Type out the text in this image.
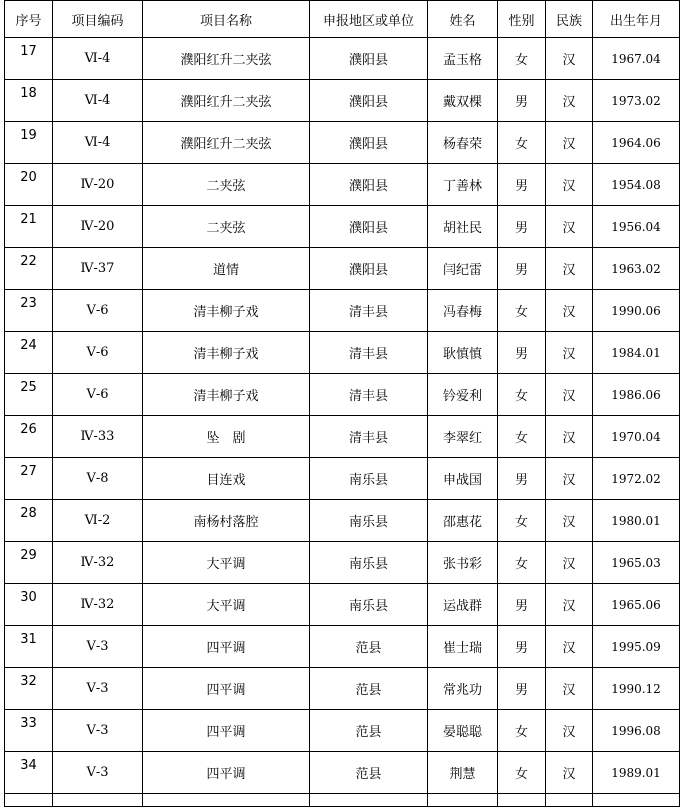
序号	项目编码	项目名称	申报地区或单位	姓名	性别	民族	出生年月
17	Ⅵ-4	濮阳红升二夹弦	濮阳县	孟玉格	女	汉	1967.04
18	Ⅵ-4	濮阳红升二夹弦	濮阳县	戴双棵	男	汉	1973.02
19	Ⅵ-4	濮阳红升二夹弦	濮阳县	杨春荣	女	汉	1964.06
20	Ⅳ-20	二夹弦	濮阳县	丁善林	男	汉	1954.08
21	Ⅳ-20	二夹弦	濮阳县	胡社民	男	汉	1956.04
22	Ⅳ-37	道情	濮阳县	闫纪雷	男	汉	1963.02
23	Ⅴ-6	清丰柳子戏	清丰县	冯春梅	女	汉	1990.06
24	Ⅴ-6	清丰柳子戏	清丰县	耿慎慎	男	汉	1984.01
25	Ⅴ-6	清丰柳子戏	清丰县	钤爱利	女	汉	1986.06
26	Ⅳ-33	坠　剧	清丰县	李翠红	女	汉	1970.04
27	Ⅴ-8	目连戏	南乐县	申战国	男	汉	1972.02
28	Ⅵ-2	南杨村落腔	南乐县	邵惠花	女	汉	1980.01
29	Ⅳ-32	大平调	南乐县	张书彩	女	汉	1965.03
30	Ⅳ-32	大平调	南乐县	运战群	男	汉	1965.06
31	Ⅴ-3	四平调	范县	崔士瑞	男	汉	1995.09
32	Ⅴ-3	四平调	范县	常兆功	男	汉	1990.12
33	Ⅴ-3	四平调	范县	晏聪聪	女	汉	1996.08
34	Ⅴ-3	四平调	范县	荆慧	女	汉	1989.01
